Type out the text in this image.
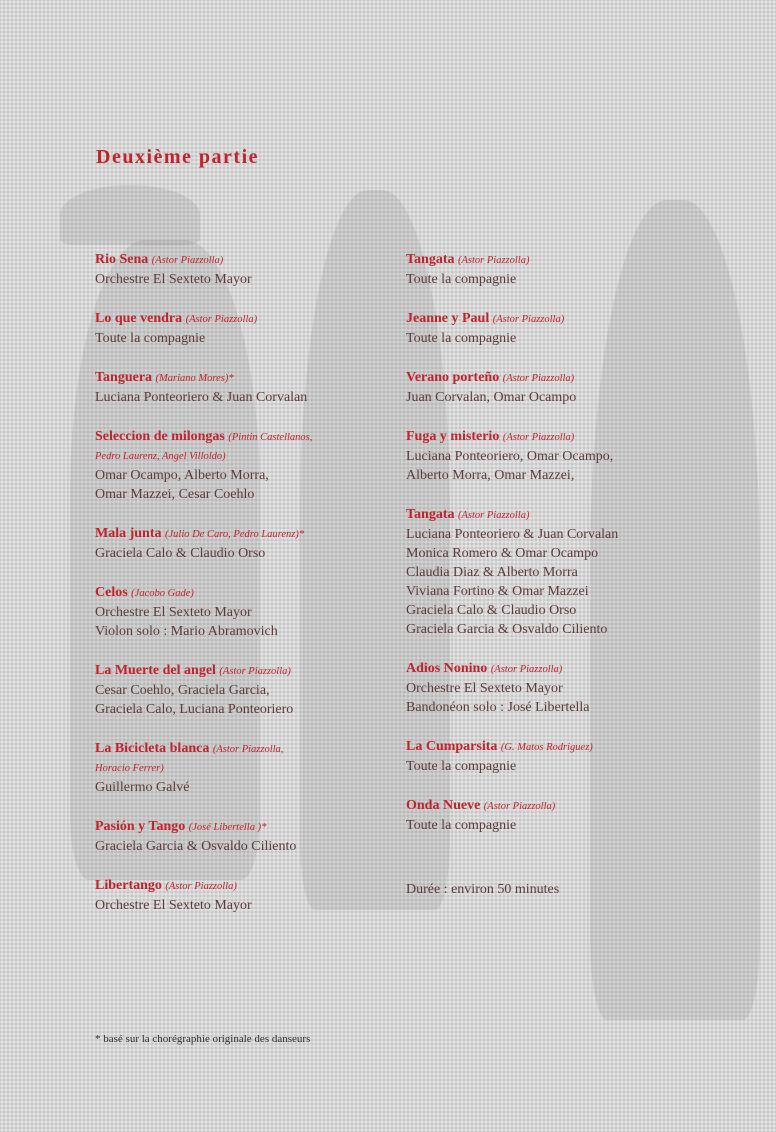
Deuxième partie
Rio Sena (Astor Piazzolla)
Orchestre El Sexteto Mayor
Lo que vendra (Astor Piazzolla)
Toute la compagnie
Tanguera (Mariano Mores)*
Luciana Ponteoriero & Juan Corvalan
Seleccion de milongas (Pintin Castellanos,
Pedro Laurenz, Angel Villoldo)
Omar Ocampo, Alberto Morra,
Omar Mazzei, Cesar Coehlo
Mala junta (Julio De Caro, Pedro Laurenz)*
Graciela Calo & Claudio Orso
Celos (Jacobo Gade)
Orchestre El Sexteto Mayor
Violon solo : Mario Abramovich
La Muerte del angel (Astor Piazzolla)
Cesar Coehlo, Graciela Garcia,
Graciela Calo, Luciana Ponteoriero
La Bicicleta blanca (Astor Piazzolla,
Horacio Ferrer)
Guillermo Galvé
Pasión y Tango (José Libertella )*
Graciela Garcia & Osvaldo Ciliento
Libertango (Astor Piazzolla)
Orchestre El Sexteto Mayor
Tangata (Astor Piazzolla)
Toute la compagnie
Jeanne y Paul (Astor Piazzolla)
Toute la compagnie
Verano porteño (Astor Piazzolla)
Juan Corvalan, Omar Ocampo
Fuga y misterio (Astor Piazzolla)
Luciana Ponteoriero, Omar Ocampo,
Alberto Morra, Omar Mazzei,
Tangata (Astor Piazzolla)
Luciana Ponteoriero & Juan Corvalan
Monica Romero & Omar Ocampo
Claudia Diaz & Alberto Morra
Viviana Fortino & Omar Mazzei
Graciela Calo & Claudio Orso
Graciela Garcia & Osvaldo Ciliento
Adios Nonino (Astor Piazzolla)
Orchestre El Sexteto Mayor
Bandonéon solo : José Libertella
La Cumparsita (G. Matos Rodriguez)
Toute la compagnie
Onda Nueve (Astor Piazzolla)
Toute la compagnie
Durée : environ 50 minutes
* basé sur la chorégraphie originale des danseurs
